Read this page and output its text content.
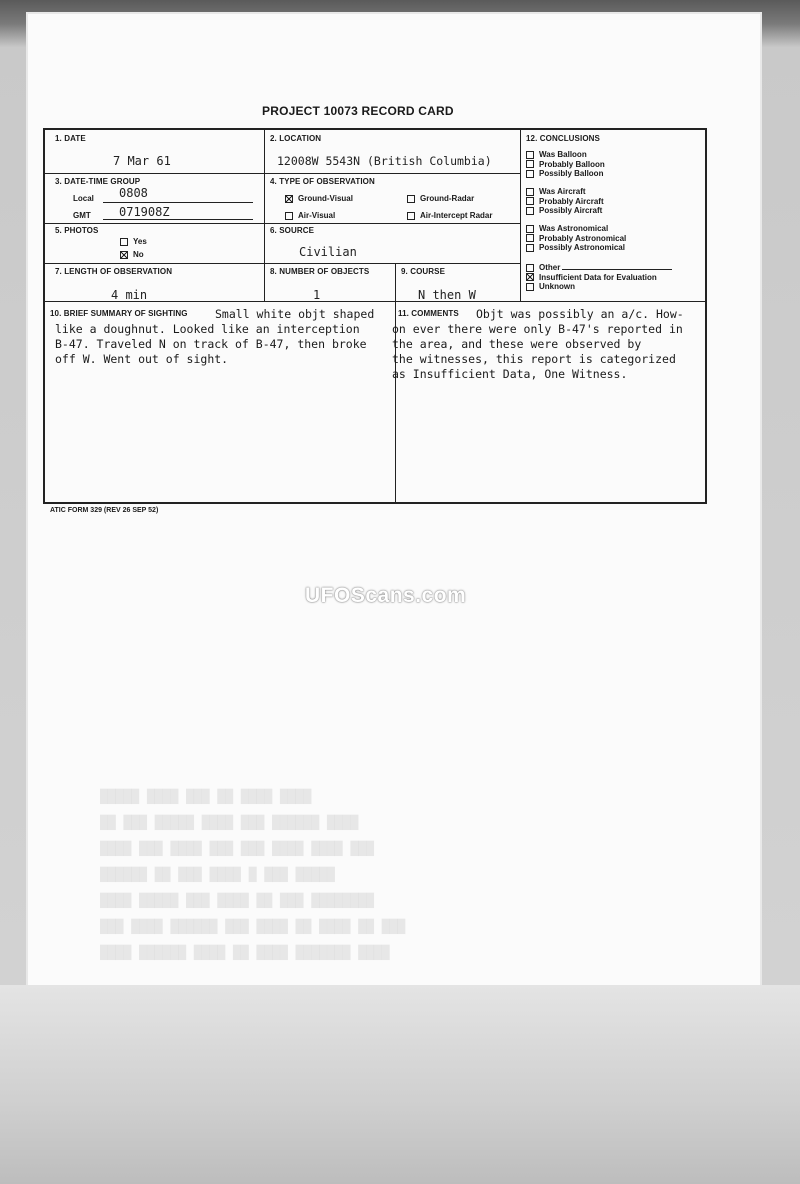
████ ██████ ████ ██ ████ ███████ ████
███ ████ ██████ ███ ████ ██ ████ ██ ███
████ █████ ███ ████ ██ ███ ████████
██████ ██ ███ ████ █ ███ █████
████ ███ ████ ███ ███ ████ ████ ███
██ ███ █████ ████ ███ ██████ ████
█████ ████ ███ ██ ████ ████

PROJECT 10073 RECORD CARD
1. DATE
7 Mar 61
2. LOCATION
12008W 5543N (British Columbia)
12. CONCLUSIONS
Was Balloon
Probably Balloon
Possibly Balloon
Was Aircraft
Probably Aircraft
Possibly Aircraft
Was Astronomical
Probably Astronomical
Possibly Astronomical
Other
Insufficient Data for Evaluation
Unknown
3. DATE-TIME GROUP
Local 0808
GMT 071908Z
4. TYPE OF OBSERVATION
Ground-Visual	Ground-Radar
Air-Visual	Air-Intercept Radar
5. PHOTOS
Yes
No
6. SOURCE
Civilian
7. LENGTH OF OBSERVATION
4 min
8. NUMBER OF OBJECTS
1
9. COURSE
N then W
10. BRIEF SUMMARY OF SIGHTING Small white objt shaped
like a doughnut. Looked like an interception
B-47. Traveled N on track of B-47, then broke
off W. Went out of sight.
11. COMMENTS Objt was possibly an a/c. How-
on ever there were only B-47's reported in
the area, and these were observed by
the witnesses, this report is categorized
as Insufficient Data, One Witness.
ATIC FORM 329 (REV 26 SEP 52)
UFOScans.com
